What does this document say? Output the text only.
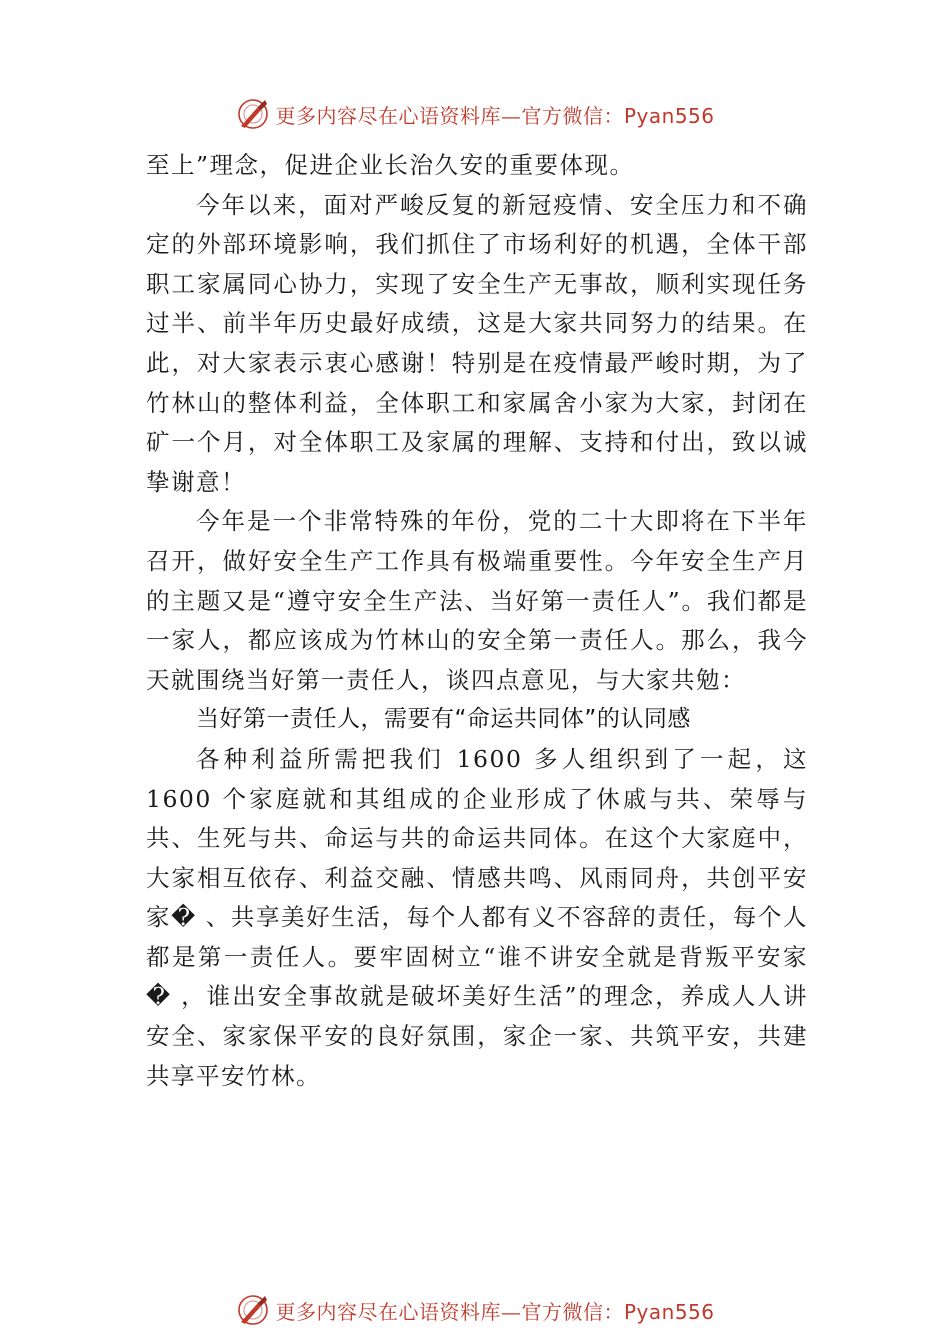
更多内容尽在心语资料库—官方微信：Pyan556

至上”理念，促进企业长治久安的重要体现。

今年以来，面对严峻反复的新冠疫情、安全压力和不确定的外部环境影响，我们抓住了市场利好的机遇，全体干部职工家属同心协力，实现了安全生产无事故，顺利实现任务过半、前半年历史最好成绩，这是大家共同努力的结果。在此，对大家表示衷心感谢！特别是在疫情最严峻时期，为了竹林山的整体利益，全体职工和家属舍小家为大家，封闭在矿一个月，对全体职工及家属的理解、支持和付出，致以诚挚谢意！

今年是一个非常特殊的年份，党的二十大即将在下半年召开，做好安全生产工作具有极端重要性。今年安全生产月的主题又是“遵守安全生产法、当好第一责任人”。我们都是一家人，都应该成为竹林山的安全第一责任人。那么，我今天就围绕当好第一责任人，谈四点意见，与大家共勉：

当好第一责任人，需要有“命运共同体”的认同感

各种利益所需把我们 1600 多人组织到了一起，这 1600 个家庭就和其组成的企业形成了休戚与共、荣辱与共、生死与共、命运与共的命运共同体。在这个大家庭中，大家相互依存、利益交融、情感共鸣、风雨同舟，共创平安家� 、共享美好生活，每个人都有义不容辞的责任，每个人都是第一责任人。要牢固树立“谁不讲安全就是背叛平安家� ，谁出安全事故就是破坏美好生活”的理念，养成人人讲安全、家家保平安的良好氛围，家企一家、共筑平安，共建共享平安竹林。

更多内容尽在心语资料库—官方微信：Pyan556
